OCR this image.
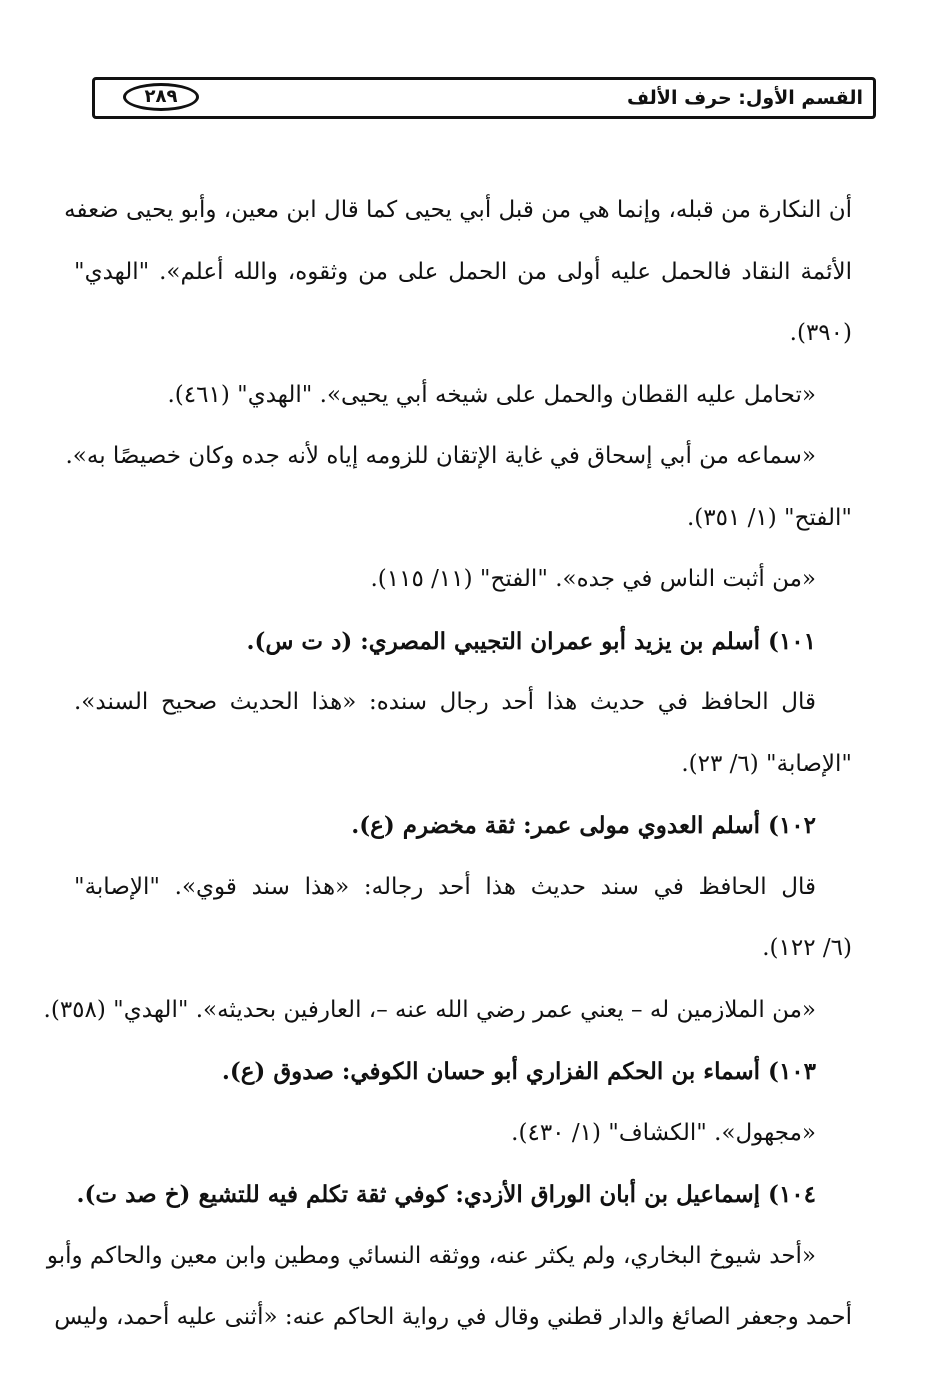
القسم الأول: حرف الألف
٢٨٩
أن النكارة من قبله، وإنما هي من قبل أبي يحيى كما قال ابن معين، وأبو يحيى ضعفه
الأئمة النقاد فالحمل عليه أولى من الحمل على من وثقوه، والله أعلم». "الهدي"
(٣٩٠).
«تحامل عليه القطان والحمل على شيخه أبي يحيى». "الهدي" (٤٦١).
«سماعه من أبي إسحاق في غاية الإتقان للزومه إياه لأنه جده وكان خصيصًا به».
"الفتح" (١/ ٣٥١).
«من أثبت الناس في جده». "الفتح" (١١/ ١١٥).
١٠١) أسلم بن يزيد أبو عمران التجيبي المصري: (د ت س).
قال الحافظ في حديث هذا أحد رجال سنده: «هذا الحديث صحيح السند».
"الإصابة" (٦/ ٢٣).
١٠٢) أسلم العدوي مولى عمر: ثقة مخضرم (ع).
قال الحافظ في سند حديث هذا أحد رجاله: «هذا سند قوي». "الإصابة"
(٦/ ١٢٢).
«من الملازمين له – يعني عمر رضي الله عنه –، العارفين بحديثه». "الهدي" (٣٥٨).
١٠٣) أسماء بن الحكم الفزاري أبو حسان الكوفي: صدوق (ع).
«مجهول». "الكشاف" (١/ ٤٣٠).
١٠٤) إسماعيل بن أبان الوراق الأزدي: كوفي ثقة تكلم فيه للتشيع (خ صد ت).
«أحد شيوخ البخاري، ولم يكثر عنه، ووثقه النسائي ومطين وابن معين والحاكم وأبو
أحمد وجعفر الصائغ والدار قطني وقال في رواية الحاكم عنه: «أثنى عليه أحمد، وليس
